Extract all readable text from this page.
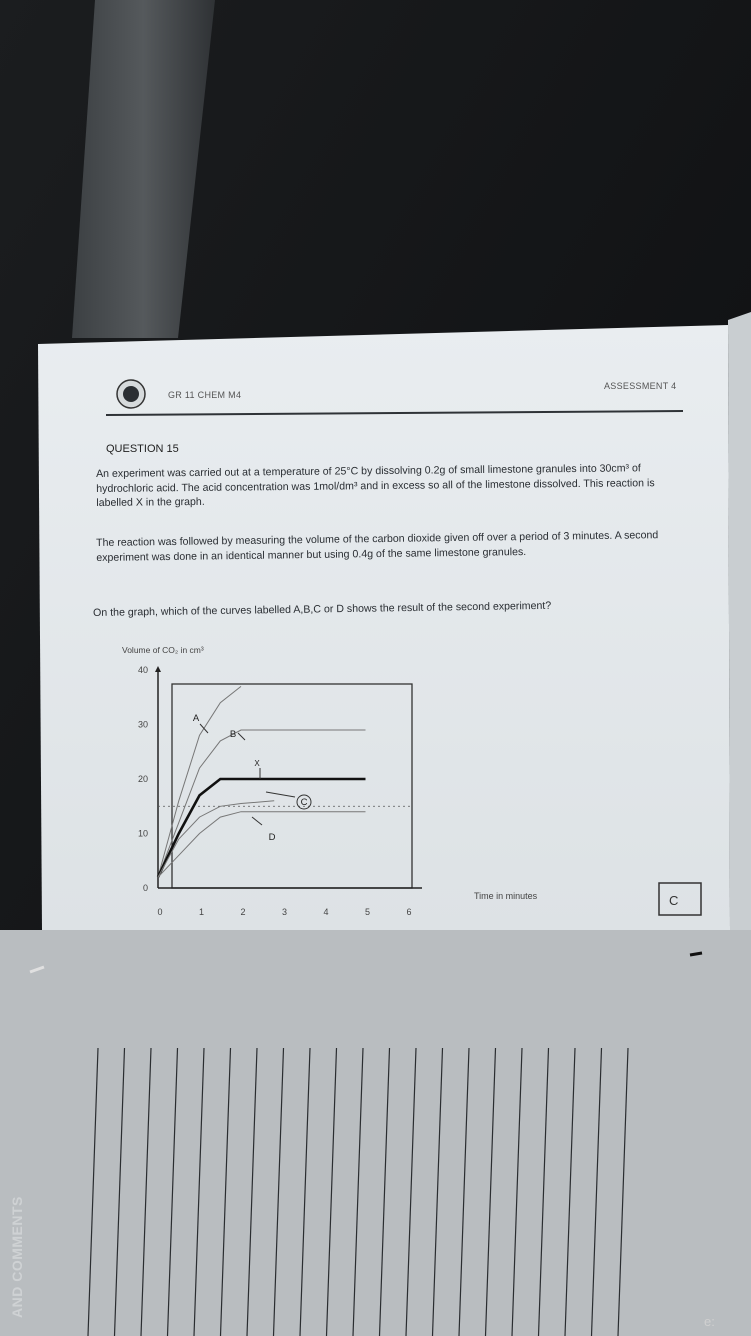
0	1	2	3	4	5	6
0
10
20
30
40
Volume of CO₂ in cm³
Time in minutes
A
B
X
C
D
GR 11 CHEM M4
ASSESSMENT 4
QUESTION 15
An experiment was carried out at a temperature of 25°C by dissolving 0.2g of small limestone granules into 30cm³ of hydrochloric acid. The acid concentration was 1mol/dm³ and in excess so all of the limestone dissolved. This reaction is labelled X in the graph.
The reaction was followed by measuring the volume of the carbon dioxide given off over a period of 3 minutes. A second experiment was done in an identical manner but using 0.4g of the same limestone granules.
On the graph, which of the curves labelled A,B,C or D shows the result of the second experiment?
C
AND COMMENTS
e:
